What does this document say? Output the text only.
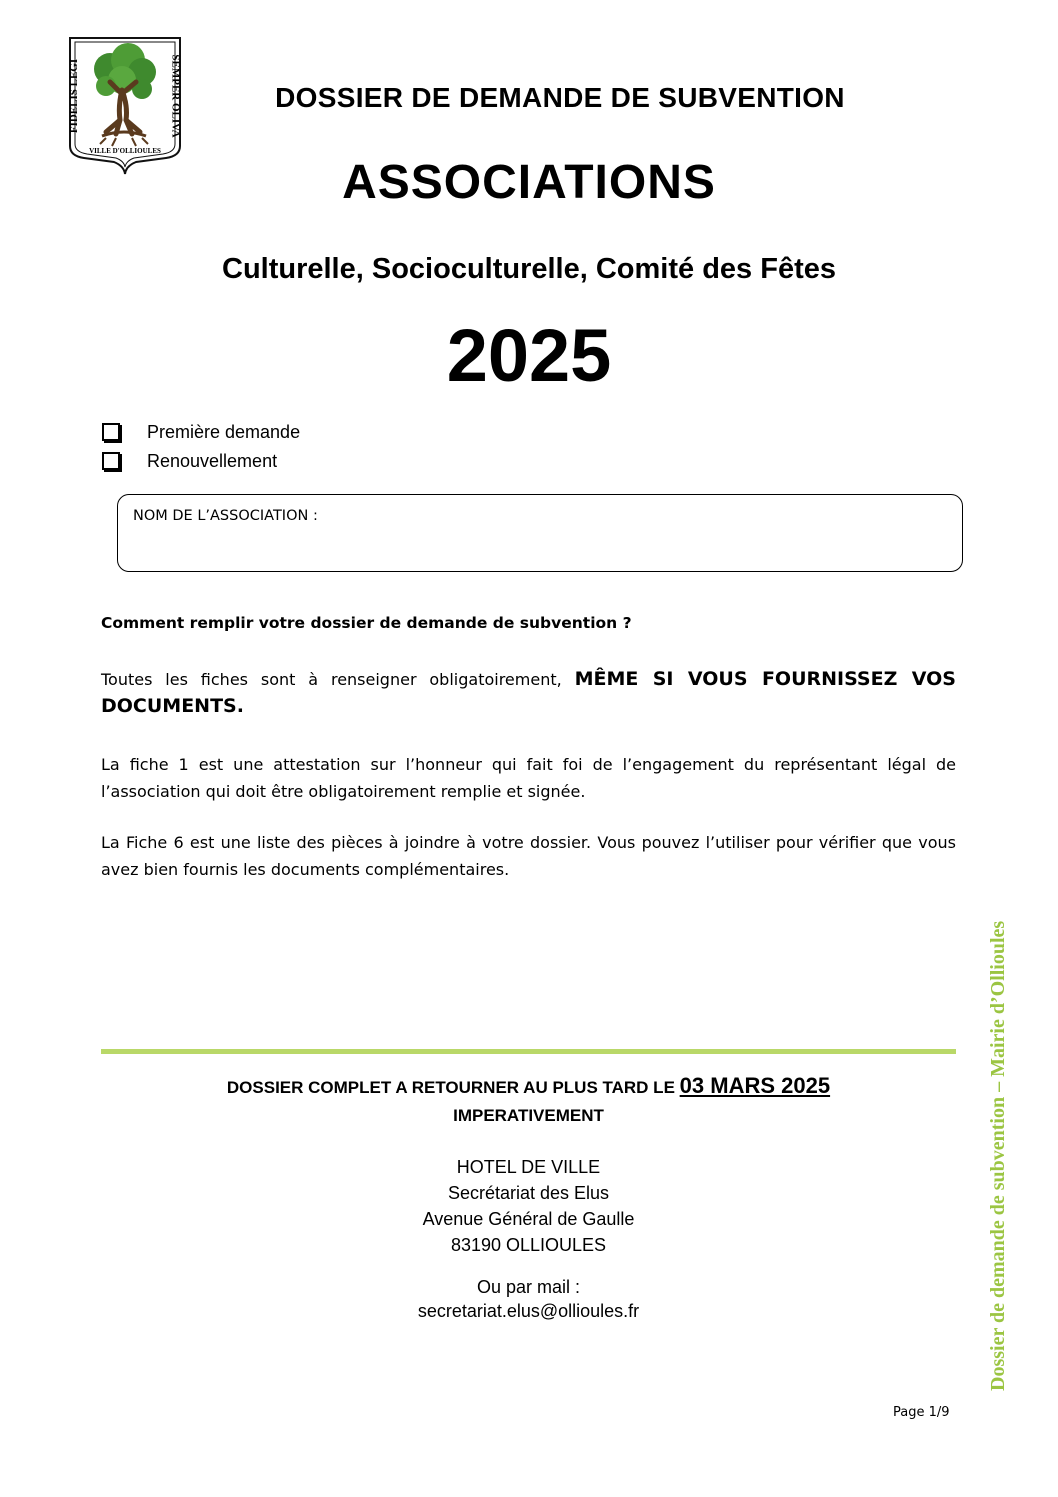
FIDELIS LEGI	SEMPER OLIVA
VILLE D'OLLIOULES
DOSSIER DE DEMANDE DE SUBVENTION
ASSOCIATIONS
Culturelle, Socioculturelle, Comité des Fêtes
2025
Première demande
Renouvellement
NOM DE L’ASSOCIATION :
Comment remplir votre dossier de demande de subvention ?
Toutes les fiches sont à renseigner obligatoirement, MÊME SI VOUS FOURNISSEZ VOS DOCUMENTS.
La fiche 1 est une attestation sur l’honneur qui fait foi de l’engagement du représentant légal de l’association qui doit être obligatoirement remplie et signée.
La Fiche 6 est une liste des pièces à joindre à votre dossier. Vous pouvez l’utiliser pour vérifier que vous avez bien fournis les documents complémentaires.
DOSSIER COMPLET A RETOURNER AU PLUS TARD LE 03 MARS 2025
IMPERATIVEMENT
HOTEL DE VILLE
Secrétariat des Elus
Avenue Général de Gaulle
83190 OLLIOULES
Ou par mail :
secretariat.elus@ollioules.fr	Dossier de demande de subvention – Mairie d’Ollioules
Page 1/9
